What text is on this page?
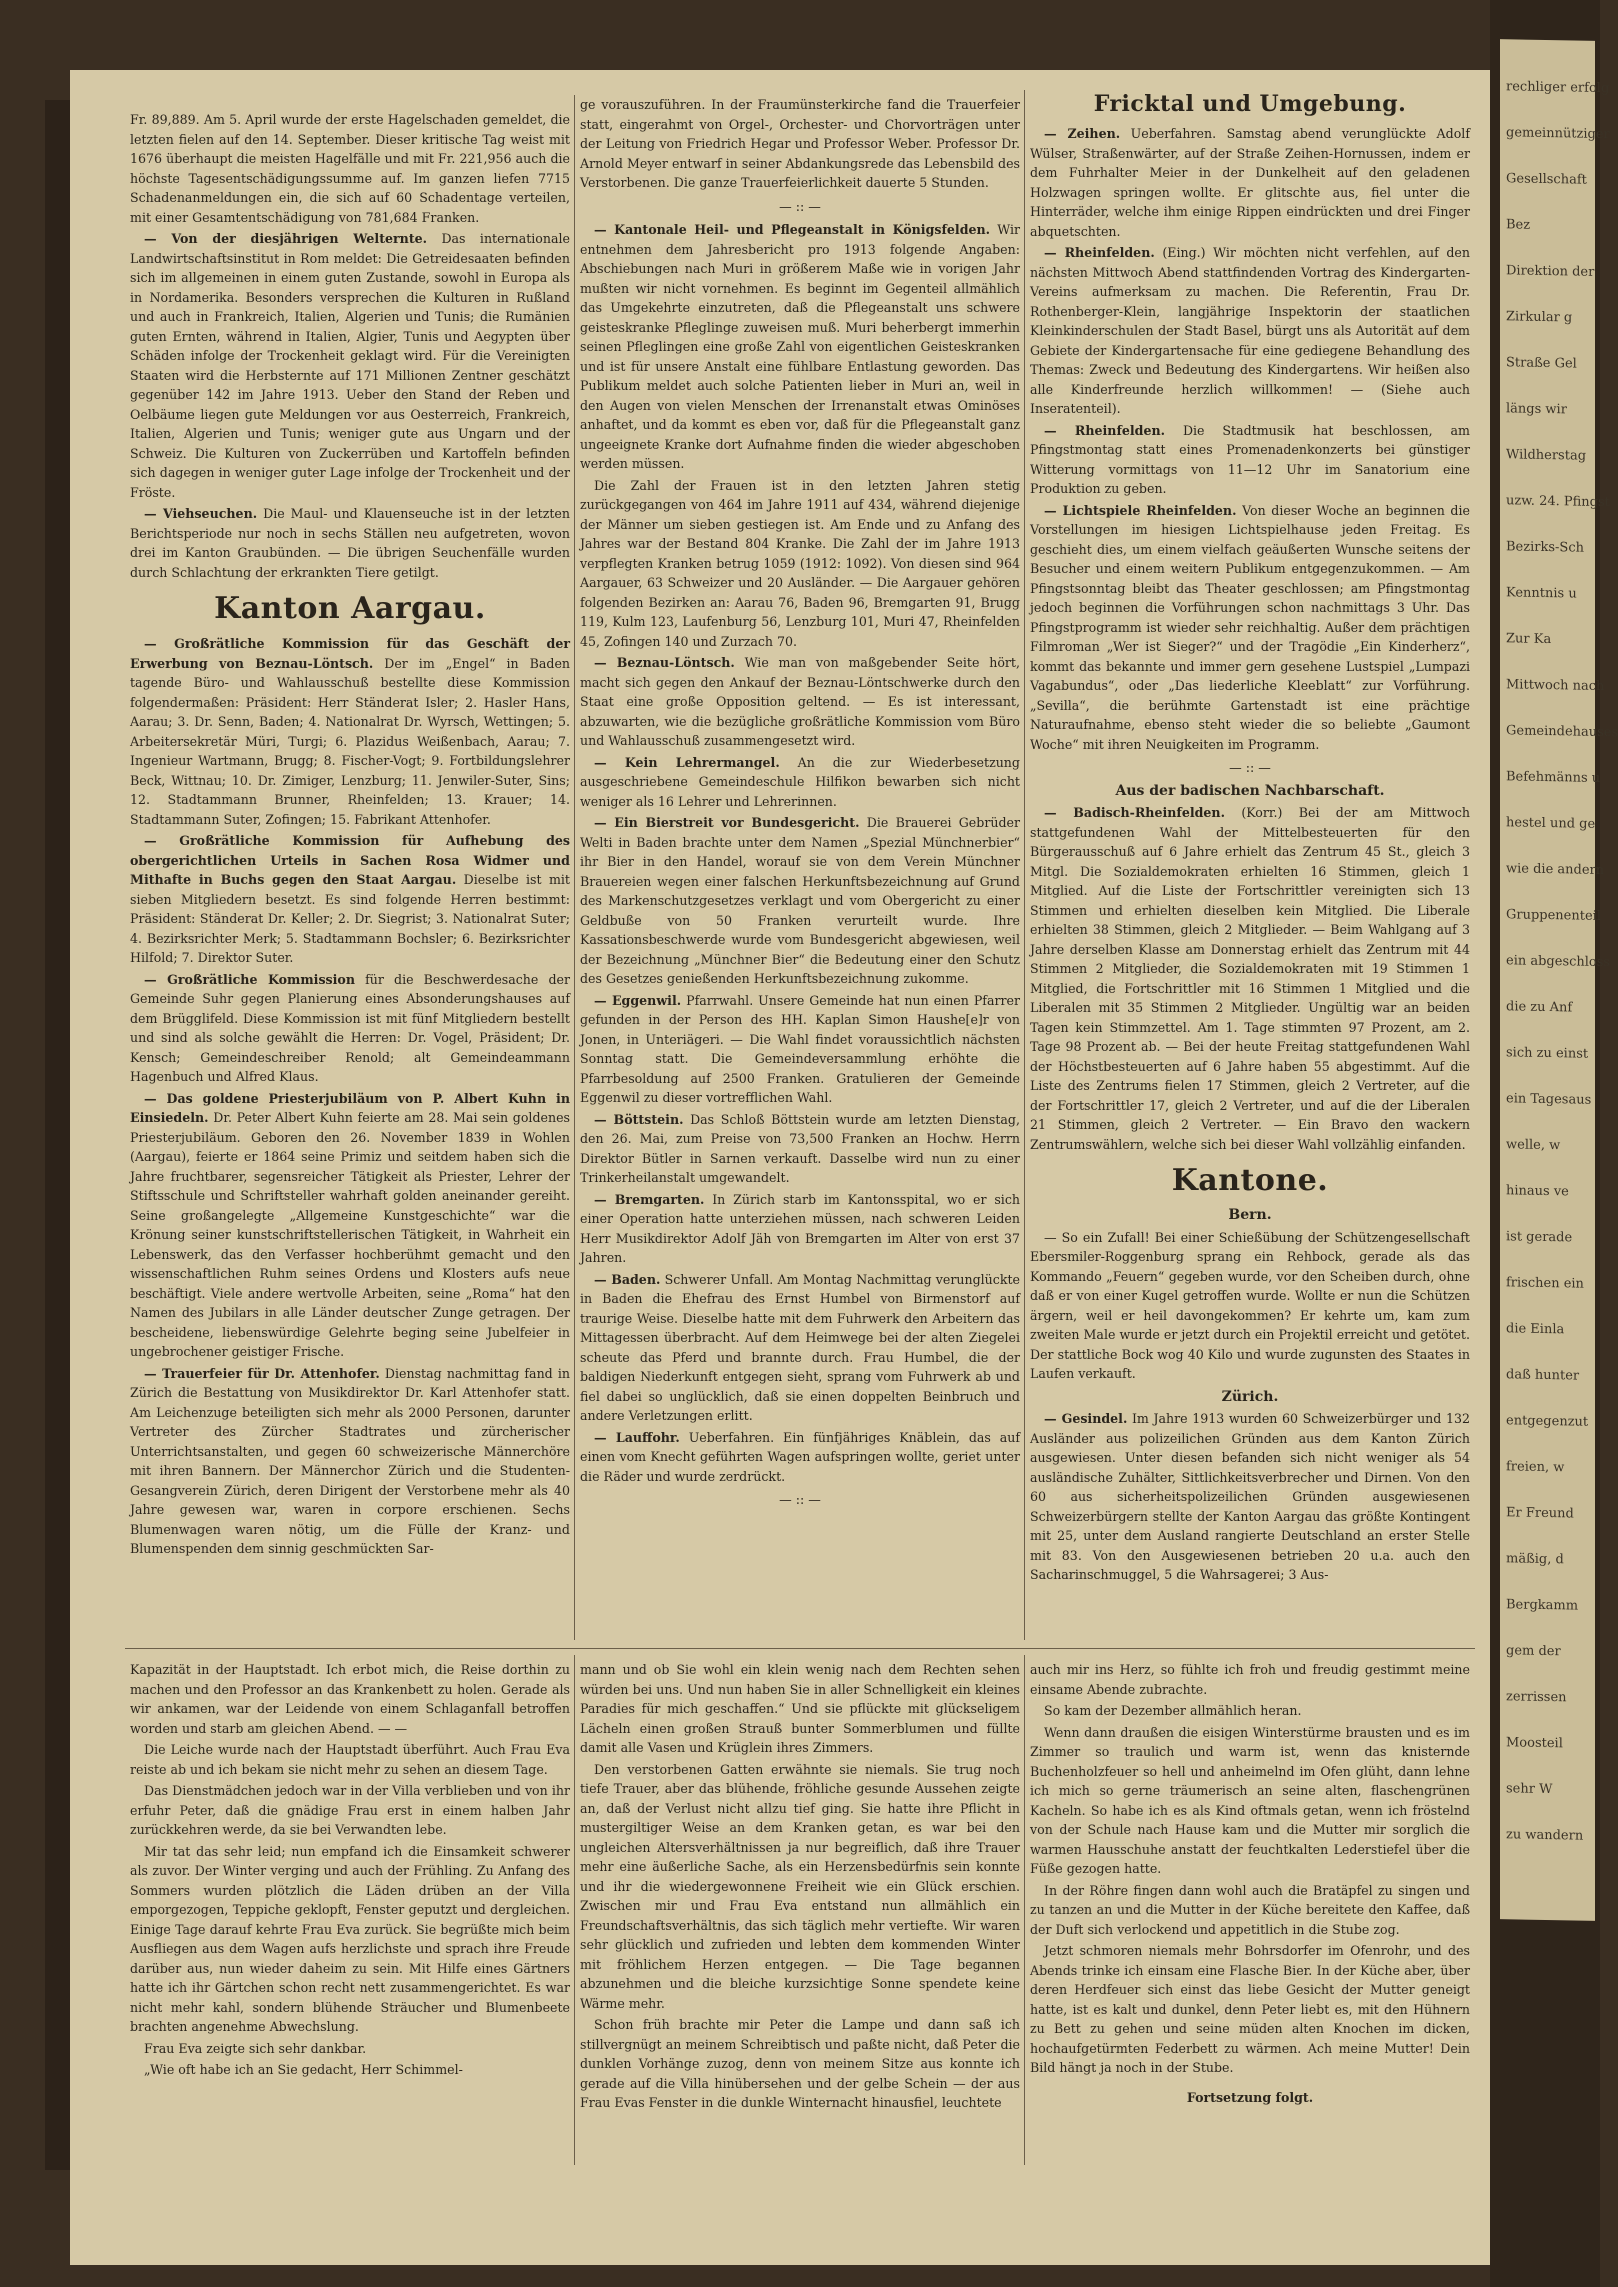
rechliger erfolg
gemeinnütziger
Gesellschaft
Bez
Direktion der
Zirkular g
Straße Gel
längs wir
Wildherstag
uzw. 24. Pfingst
Bezirks-Sch
Kenntnis u
Zur Ka
Mittwoch nach
Gemeindehauses
Befehmänns u
hestel und ge
wie die andern
Gruppenenteil
ein abgeschloss
die zu Anf
sich zu einst
ein Tagesaus
welle, w
hinaus ve
ist gerade
frischen ein
die Einla
daß hunter
entgegenzut
freien, w
Er Freund
mäßig, d
Bergkamm
gem der
zerrissen
Moosteil
sehr W
zu wandern

Fr. 89,889. Am 5. April wurde der erste Hagelschaden gemeldet, die letzten fielen auf den 14. September. Dieser kritische Tag weist mit 1676 überhaupt die meisten Hagelfälle und mit Fr. 221,956 auch die höchste Tagesentschädigungssumme auf. Im ganzen liefen 7715 Schadenanmeldungen ein, die sich auf 60 Schadentage verteilen, mit einer Gesamtentschädigung von 781,684 Franken.

— Von der diesjährigen Welternte. Das internationale Landwirtschaftsinstitut in Rom meldet: Die Getreidesaaten befinden sich im allgemeinen in einem guten Zustande, sowohl in Europa als in Nordamerika. Besonders versprechen die Kulturen in Rußland und auch in Frankreich, Italien, Algerien und Tunis; die Rumänien guten Ernten, während in Italien, Algier, Tunis und Aegypten über Schäden infolge der Trockenheit geklagt wird. Für die Vereinigten Staaten wird die Herbsternte auf 171 Millionen Zentner geschätzt gegenüber 142 im Jahre 1913. Ueber den Stand der Reben und Oelbäume liegen gute Meldungen vor aus Oesterreich, Frankreich, Italien, Algerien und Tunis; weniger gute aus Ungarn und der Schweiz. Die Kulturen von Zuckerrüben und Kartoffeln befinden sich dagegen in weniger guter Lage infolge der Trockenheit und der Fröste.

— Viehseuchen. Die Maul- und Klauenseuche ist in der letzten Berichtsperiode nur noch in sechs Ställen neu aufgetreten, wovon drei im Kanton Graubünden. — Die übrigen Seuchenfälle wurden durch Schlachtung der erkrankten Tiere getilgt.

Kanton Aargau.

— Großrätliche Kommission für das Geschäft der Erwerbung von Beznau-Löntsch. Der im „Engel“ in Baden tagende Büro- und Wahlausschuß bestellte diese Kommission folgendermaßen: Präsident: Herr Ständerat Isler; 2. Hasler Hans, Aarau; 3. Dr. Senn, Baden; 4. Nationalrat Dr. Wyrsch, Wettingen; 5. Arbeitersekretär Müri, Turgi; 6. Plazidus Weißenbach, Aarau; 7. Ingenieur Wartmann, Brugg; 8. Fischer-Vogt; 9. Fortbildungslehrer Beck, Wittnau; 10. Dr. Zimiger, Lenzburg; 11. Jenwiler-Suter, Sins; 12. Stadtammann Brunner, Rheinfelden; 13. Krauer; 14. Stadtammann Suter, Zofingen; 15. Fabrikant Attenhofer.

— Großrätliche Kommission für Aufhebung des obergerichtlichen Urteils in Sachen Rosa Widmer und Mithafte in Buchs gegen den Staat Aargau. Dieselbe ist mit sieben Mitgliedern besetzt. Es sind folgende Herren bestimmt: Präsident: Ständerat Dr. Keller; 2. Dr. Siegrist; 3. Nationalrat Suter; 4. Bezirksrichter Merk; 5. Stadtammann Bochsler; 6. Bezirksrichter Hilfold; 7. Direktor Suter.

— Großrätliche Kommission für die Beschwerdesache der Gemeinde Suhr gegen Planierung eines Absonderungshauses auf dem Brügglifeld. Diese Kommission ist mit fünf Mitgliedern bestellt und sind als solche gewählt die Herren: Dr. Vogel, Präsident; Dr. Kensch; Gemeindeschreiber Renold; alt Gemeindeammann Hagenbuch und Alfred Klaus.

— Das goldene Priesterjubiläum von P. Albert Kuhn in Einsiedeln. Dr. Peter Albert Kuhn feierte am 28. Mai sein goldenes Priesterjubiläum. Geboren den 26. November 1839 in Wohlen (Aargau), feierte er 1864 seine Primiz und seitdem haben sich die Jahre fruchtbarer, segensreicher Tätigkeit als Priester, Lehrer der Stiftsschule und Schriftsteller wahrhaft golden aneinander gereiht. Seine großangelegte „Allgemeine Kunstgeschichte“ war die Krönung seiner kunstschriftstellerischen Tätigkeit, in Wahrheit ein Lebenswerk, das den Verfasser hochberühmt gemacht und den wissenschaftlichen Ruhm seines Ordens und Klosters aufs neue beschäftigt. Viele andere wertvolle Arbeiten, seine „Roma“ hat den Namen des Jubilars in alle Länder deutscher Zunge getragen. Der bescheidene, liebenswürdige Gelehrte beging seine Jubelfeier in ungebrochener geistiger Frische.

— Trauerfeier für Dr. Attenhofer. Dienstag nachmittag fand in Zürich die Bestattung von Musikdirektor Dr. Karl Attenhofer statt. Am Leichenzuge beteiligten sich mehr als 2000 Personen, darunter Vertreter des Zürcher Stadtrates und zürcherischer Unterrichtsanstalten, und gegen 60 schweizerische Männerchöre mit ihren Bannern. Der Männerchor Zürich und die Studenten-Gesangverein Zürich, deren Dirigent der Verstorbene mehr als 40 Jahre gewesen war, waren in corpore erschienen. Sechs Blumenwagen waren nötig, um die Fülle der Kranz- und Blumenspenden dem sinnig geschmückten Sar-

ge vorauszuführen. In der Fraumünsterkirche fand die Trauerfeier statt, eingerahmt von Orgel-, Orchester- und Chorvorträgen unter der Leitung von Friedrich Hegar und Professor Weber. Professor Dr. Arnold Meyer entwarf in seiner Abdankungsrede das Lebensbild des Verstorbenen. Die ganze Trauerfeierlichkeit dauerte 5 Stunden.

— :: —

— Kantonale Heil- und Pflegeanstalt in Königsfelden. Wir entnehmen dem Jahresbericht pro 1913 folgende Angaben: Abschiebungen nach Muri in größerem Maße wie in vorigen Jahr mußten wir nicht vornehmen. Es beginnt im Gegenteil allmählich das Umgekehrte einzutreten, daß die Pflegeanstalt uns schwere geisteskranke Pfleglinge zuweisen muß. Muri beherbergt immerhin seinen Pfleglingen eine große Zahl von eigentlichen Geisteskranken und ist für unsere Anstalt eine fühlbare Entlastung geworden. Das Publikum meldet auch solche Patienten lieber in Muri an, weil in den Augen von vielen Menschen der Irrenanstalt etwas Ominöses anhaftet, und da kommt es eben vor, daß für die Pflegeanstalt ganz ungeeignete Kranke dort Aufnahme finden die wieder abgeschoben werden müssen.

Die Zahl der Frauen ist in den letzten Jahren stetig zurückgegangen von 464 im Jahre 1911 auf 434, während diejenige der Männer um sieben gestiegen ist. Am Ende und zu Anfang des Jahres war der Bestand 804 Kranke. Die Zahl der im Jahre 1913 verpflegten Kranken betrug 1059 (1912: 1092). Von diesen sind 964 Aargauer, 63 Schweizer und 20 Ausländer. — Die Aargauer gehören folgenden Bezirken an: Aarau 76, Baden 96, Bremgarten 91, Brugg 119, Kulm 123, Laufenburg 56, Lenzburg 101, Muri 47, Rheinfelden 45, Zofingen 140 und Zurzach 70.

— Beznau-Löntsch. Wie man von maßgebender Seite hört, macht sich gegen den Ankauf der Beznau-Löntschwerke durch den Staat eine große Opposition geltend. — Es ist interessant, abzuwarten, wie die bezügliche großrätliche Kommission vom Büro und Wahlausschuß zusammengesetzt wird.

— Kein Lehrermangel. An die zur Wiederbesetzung ausgeschriebene Gemeindeschule Hilfikon bewarben sich nicht weniger als 16 Lehrer und Lehrerinnen.

— Ein Bierstreit vor Bundesgericht. Die Brauerei Gebrüder Welti in Baden brachte unter dem Namen „Spezial Münchnerbier“ ihr Bier in den Handel, worauf sie von dem Verein Münchner Brauereien wegen einer falschen Herkunftsbezeichnung auf Grund des Markenschutzgesetzes verklagt und vom Obergericht zu einer Geldbuße von 50 Franken verurteilt wurde. Ihre Kassationsbeschwerde wurde vom Bundesgericht abgewiesen, weil der Bezeichnung „Münchner Bier“ die Bedeutung einer den Schutz des Gesetzes genießenden Herkunftsbezeichnung zukomme.

— Eggenwil. Pfarrwahl. Unsere Gemeinde hat nun einen Pfarrer gefunden in der Person des HH. Kaplan Simon Haushe[e]r von Jonen, in Unteriägeri. — Die Wahl findet voraussichtlich nächsten Sonntag statt. Die Gemeindeversammlung erhöhte die Pfarrbesoldung auf 2500 Franken. Gratulieren der Gemeinde Eggenwil zu dieser vortrefflichen Wahl.

— Böttstein. Das Schloß Böttstein wurde am letzten Dienstag, den 26. Mai, zum Preise von 73,500 Franken an Hochw. Herrn Direktor Bütler in Sarnen verkauft. Dasselbe wird nun zu einer Trinkerheilanstalt umgewandelt.

— Bremgarten. In Zürich starb im Kantonsspital, wo er sich einer Operation hatte unterziehen müssen, nach schweren Leiden Herr Musikdirektor Adolf Jäh von Bremgarten im Alter von erst 37 Jahren.

— Baden. Schwerer Unfall. Am Montag Nachmittag verunglückte in Baden die Ehefrau des Ernst Humbel von Birmenstorf auf traurige Weise. Dieselbe hatte mit dem Fuhrwerk den Arbeitern das Mittagessen überbracht. Auf dem Heimwege bei der alten Ziegelei scheute das Pferd und brannte durch. Frau Humbel, die der baldigen Niederkunft entgegen sieht, sprang vom Fuhrwerk ab und fiel dabei so unglücklich, daß sie einen doppelten Beinbruch und andere Verletzungen erlitt.

— Lauffohr. Ueberfahren. Ein fünfjähriges Knäblein, das auf einen vom Knecht geführten Wagen aufspringen wollte, geriet unter die Räder und wurde zerdrückt.

— :: —
Fricktal und Umgebung.

— Zeihen. Ueberfahren. Samstag abend verunglückte Adolf Wülser, Straßenwärter, auf der Straße Zeihen-Hornussen, indem er dem Fuhrhalter Meier in der Dunkelheit auf den geladenen Holzwagen springen wollte. Er glitschte aus, fiel unter die Hinterräder, welche ihm einige Rippen eindrückten und drei Finger abquetschten.

— Rheinfelden. (Eing.) Wir möchten nicht verfehlen, auf den nächsten Mittwoch Abend stattfindenden Vortrag des Kindergarten-Vereins aufmerksam zu machen. Die Referentin, Frau Dr. Rothenberger-Klein, langjährige Inspektorin der staatlichen Kleinkinderschulen der Stadt Basel, bürgt uns als Autorität auf dem Gebiete der Kindergartensache für eine gediegene Behandlung des Themas: Zweck und Bedeutung des Kindergartens. Wir heißen also alle Kinderfreunde herzlich willkommen! — (Siehe auch Inseratenteil).

— Rheinfelden. Die Stadtmusik hat beschlossen, am Pfingstmontag statt eines Promenadenkonzerts bei günstiger Witterung vormittags von 11—12 Uhr im Sanatorium eine Produktion zu geben.

— Lichtspiele Rheinfelden. Von dieser Woche an beginnen die Vorstellungen im hiesigen Lichtspielhause jeden Freitag. Es geschieht dies, um einem vielfach geäußerten Wunsche seitens der Besucher und einem weitern Publikum entgegenzukommen. — Am Pfingstsonntag bleibt das Theater geschlossen; am Pfingstmontag jedoch beginnen die Vorführungen schon nachmittags 3 Uhr. Das Pfingstprogramm ist wieder sehr reichhaltig. Außer dem prächtigen Filmroman „Wer ist Sieger?“ und der Tragödie „Ein Kinderherz“, kommt das bekannte und immer gern gesehene Lustspiel „Lumpazi Vagabundus“, oder „Das liederliche Kleeblatt“ zur Vorführung. „Sevilla“, die berühmte Gartenstadt ist eine prächtige Naturaufnahme, ebenso steht wieder die so beliebte „Gaumont Woche“ mit ihren Neuigkeiten im Programm.

— :: —
Aus der badischen Nachbarschaft.

— Badisch-Rheinfelden. (Korr.) Bei der am Mittwoch stattgefundenen Wahl der Mittelbesteuerten für den Bürgerausschuß auf 6 Jahre erhielt das Zentrum 45 St., gleich 3 Mitgl. Die Sozialdemokraten erhielten 16 Stimmen, gleich 1 Mitglied. Auf die Liste der Fortschrittler vereinigten sich 13 Stimmen und erhielten dieselben kein Mitglied. Die Liberale erhielten 38 Stimmen, gleich 2 Mitglieder. — Beim Wahlgang auf 3 Jahre derselben Klasse am Donnerstag erhielt das Zentrum mit 44 Stimmen 2 Mitglieder, die Sozialdemokraten mit 19 Stimmen 1 Mitglied, die Fortschrittler mit 16 Stimmen 1 Mitglied und die Liberalen mit 35 Stimmen 2 Mitglieder. Ungültig war an beiden Tagen kein Stimmzettel. Am 1. Tage stimmten 97 Prozent, am 2. Tage 98 Prozent ab. — Bei der heute Freitag stattgefundenen Wahl der Höchstbesteuerten auf 6 Jahre haben 55 abgestimmt. Auf die Liste des Zentrums fielen 17 Stimmen, gleich 2 Vertreter, auf die der Fortschrittler 17, gleich 2 Vertreter, und auf die der Liberalen 21 Stimmen, gleich 2 Vertreter. — Ein Bravo den wackern Zentrumswählern, welche sich bei dieser Wahl vollzählig einfanden.

Kantone.
Bern.

— So ein Zufall! Bei einer Schießübung der Schützengesellschaft Ebersmiler-Roggenburg sprang ein Rehbock, gerade als das Kommando „Feuern“ gegeben wurde, vor den Scheiben durch, ohne daß er von einer Kugel getroffen wurde. Wollte er nun die Schützen ärgern, weil er heil davongekommen? Er kehrte um, kam zum zweiten Male wurde er jetzt durch ein Projektil erreicht und getötet. Der stattliche Bock wog 40 Kilo und wurde zugunsten des Staates in Laufen verkauft.

Zürich.

— Gesindel. Im Jahre 1913 wurden 60 Schweizerbürger und 132 Ausländer aus polizeilichen Gründen aus dem Kanton Zürich ausgewiesen. Unter diesen befanden sich nicht weniger als 54 ausländische Zuhälter, Sittlichkeitsverbrecher und Dirnen. Von den 60 aus sicherheitspolizeilichen Gründen ausgewiesenen Schweizerbürgern stellte der Kanton Aargau das größte Kontingent mit 25, unter dem Ausland rangierte Deutschland an erster Stelle mit 83. Von den Ausgewiesenen betrieben 20 u.a. auch den Sacharinschmuggel, 5 die Wahrsagerei; 3 Aus-

Kapazität in der Hauptstadt. Ich erbot mich, die Reise dorthin zu machen und den Professor an das Krankenbett zu holen. Gerade als wir ankamen, war der Leidende von einem Schlaganfall betroffen worden und starb am gleichen Abend. — —

Die Leiche wurde nach der Hauptstadt überführt. Auch Frau Eva reiste ab und ich bekam sie nicht mehr zu sehen an diesem Tage.

Das Dienstmädchen jedoch war in der Villa verblieben und von ihr erfuhr Peter, daß die gnädige Frau erst in einem halben Jahr zurückkehren werde, da sie bei Verwandten lebe.

Mir tat das sehr leid; nun empfand ich die Einsamkeit schwerer als zuvor. Der Winter verging und auch der Frühling. Zu Anfang des Sommers wurden plötzlich die Läden drüben an der Villa emporgezogen, Teppiche geklopft, Fenster geputzt und dergleichen. Einige Tage darauf kehrte Frau Eva zurück. Sie begrüßte mich beim Ausfliegen aus dem Wagen aufs herzlichste und sprach ihre Freude darüber aus, nun wieder daheim zu sein. Mit Hilfe eines Gärtners hatte ich ihr Gärtchen schon recht nett zusammengerichtet. Es war nicht mehr kahl, sondern blühende Sträucher und Blumenbeete brachten angenehme Abwechslung.

Frau Eva zeigte sich sehr dankbar.

„Wie oft habe ich an Sie gedacht, Herr Schimmel-

mann und ob Sie wohl ein klein wenig nach dem Rechten sehen würden bei uns. Und nun haben Sie in aller Schnelligkeit ein kleines Paradies für mich geschaffen.“ Und sie pflückte mit glückseligem Lächeln einen großen Strauß bunter Sommerblumen und füllte damit alle Vasen und Krüglein ihres Zimmers.

Den verstorbenen Gatten erwähnte sie niemals. Sie trug noch tiefe Trauer, aber das blühende, fröhliche gesunde Aussehen zeigte an, daß der Verlust nicht allzu tief ging. Sie hatte ihre Pflicht in mustergiltiger Weise an dem Kranken getan, es war bei den ungleichen Altersverhältnissen ja nur begreiflich, daß ihre Trauer mehr eine äußerliche Sache, als ein Herzensbedürfnis sein konnte und ihr die wiedergewonnene Freiheit wie ein Glück erschien. Zwischen mir und Frau Eva entstand nun allmählich ein Freundschaftsverhältnis, das sich täglich mehr vertiefte. Wir waren sehr glücklich und zufrieden und lebten dem kommenden Winter mit fröhlichem Herzen entgegen. — Die Tage begannen abzunehmen und die bleiche kurzsichtige Sonne spendete keine Wärme mehr.

Schon früh brachte mir Peter die Lampe und dann saß ich stillvergnügt an meinem Schreibtisch und paßte nicht, daß Peter die dunklen Vorhänge zuzog, denn von meinem Sitze aus konnte ich gerade auf die Villa hinübersehen und der gelbe Schein — der aus Frau Evas Fenster in die dunkle Winternacht hinausfiel, leuchtete

auch mir ins Herz, so fühlte ich froh und freudig gestimmt meine einsame Abende zubrachte.

So kam der Dezember allmählich heran.

Wenn dann draußen die eisigen Winterstürme brausten und es im Zimmer so traulich und warm ist, wenn das knisternde Buchenholzfeuer so hell und anheimelnd im Ofen glüht, dann lehne ich mich so gerne träumerisch an seine alten, flaschengrünen Kacheln. So habe ich es als Kind oftmals getan, wenn ich fröstelnd von der Schule nach Hause kam und die Mutter mir sorglich die warmen Hausschuhe anstatt der feuchtkalten Lederstiefel über die Füße gezogen hatte.

In der Röhre fingen dann wohl auch die Bratäpfel zu singen und zu tanzen an und die Mutter in der Küche bereitete den Kaffee, daß der Duft sich verlockend und appetitlich in die Stube zog.

Jetzt schmoren niemals mehr Bohrsdorfer im Ofenrohr, und des Abends trinke ich einsam eine Flasche Bier. In der Küche aber, über deren Herdfeuer sich einst das liebe Gesicht der Mutter geneigt hatte, ist es kalt und dunkel, denn Peter liebt es, mit den Hühnern zu Bett zu gehen und seine müden alten Knochen im dicken, hochaufgetürmten Federbett zu wärmen. Ach meine Mutter! Dein Bild hängt ja noch in der Stube.

Fortsetzung folgt.
